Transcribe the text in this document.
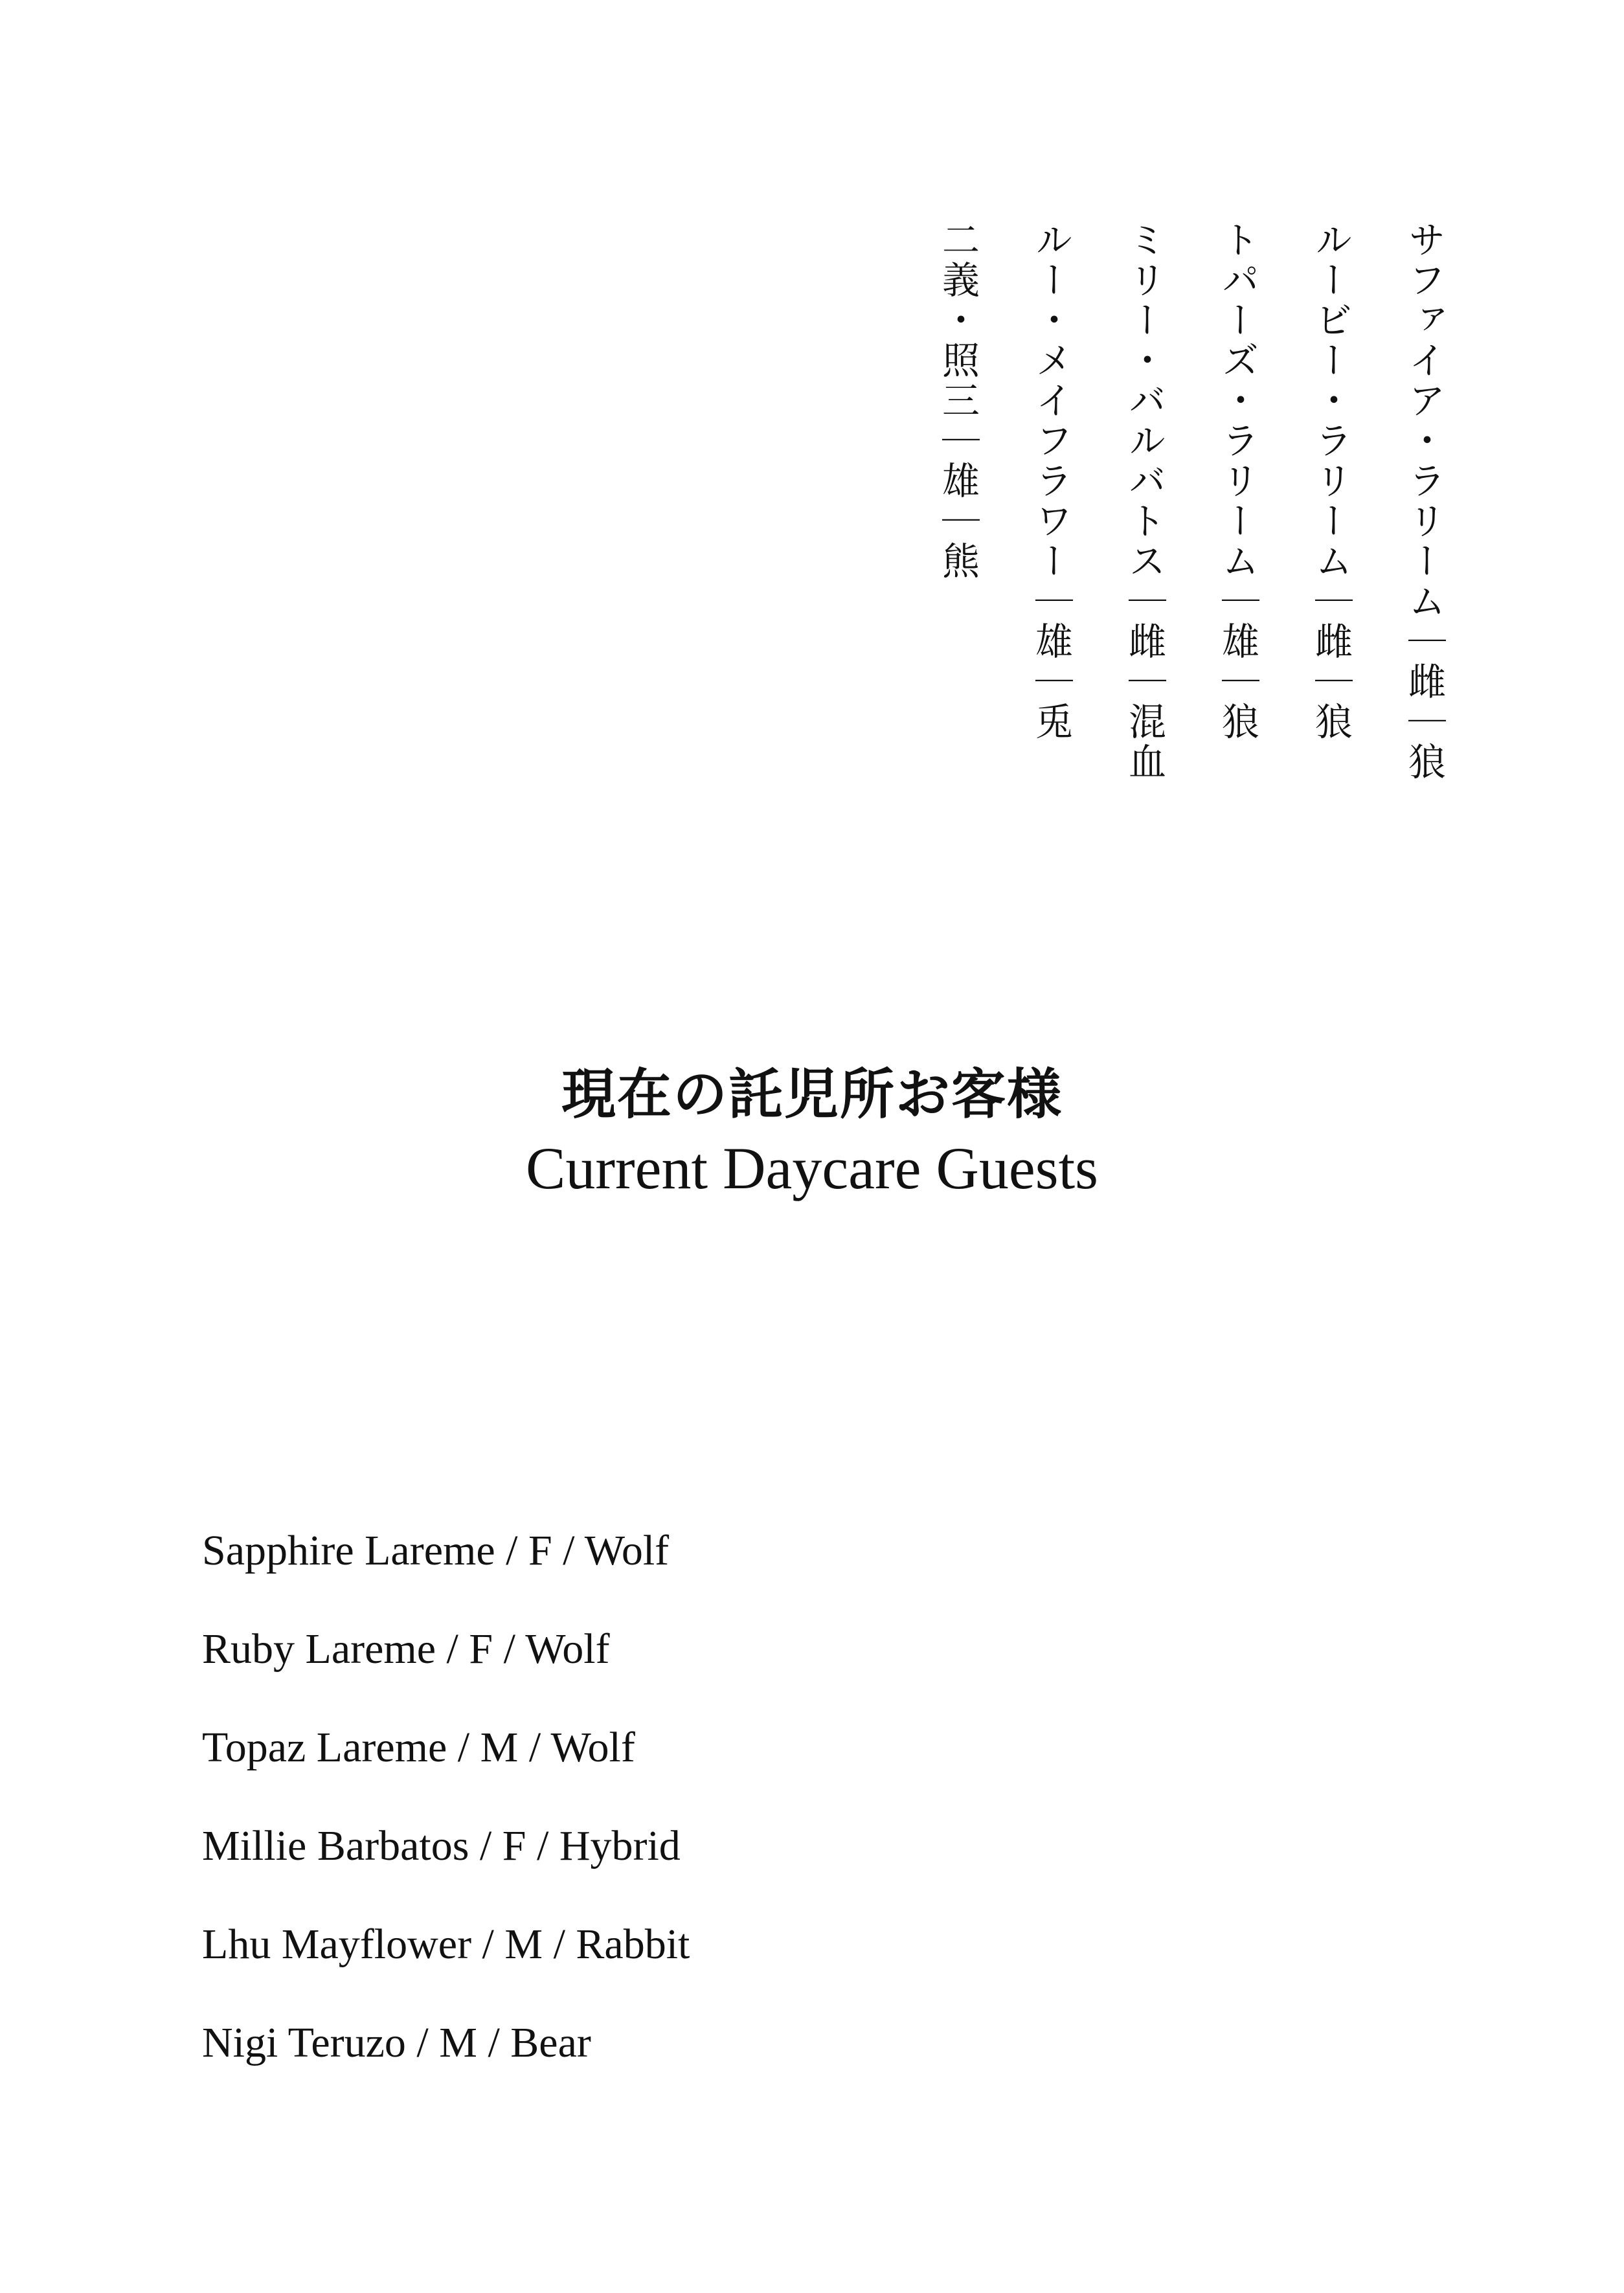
サファイア・ラリーム｜雌｜狼
ルービー・ラリーム｜雌｜狼
トパーズ・ラリーム｜雄｜狼
ミリー・バルバトス｜雌｜混血
ルー・メイフラワー｜雄｜兎
二義・照三｜雄｜熊
現在の託児所お客様
Current Daycare Guests
Sapphire Lareme / F / Wolf
Ruby Lareme / F / Wolf
Topaz Lareme / M / Wolf
Millie Barbatos / F / Hybrid
Lhu Mayflower / M / Rabbit
Nigi Teruzo / M / Bear
